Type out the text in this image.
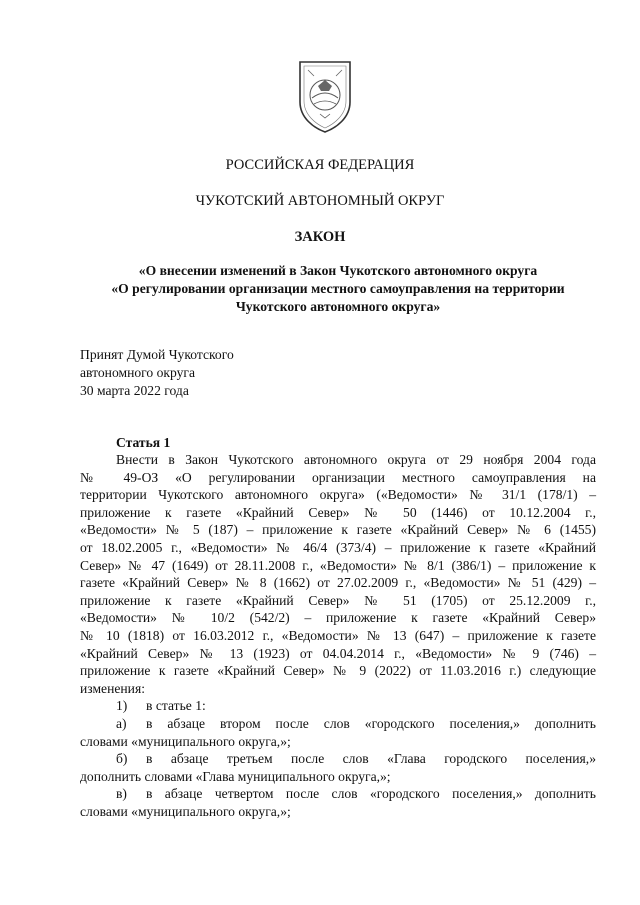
РОССИЙСКАЯ ФЕДЕРАЦИЯ
ЧУКОТСКИЙ АВТОНОМНЫЙ ОКРУГ
ЗАКОН
«О внесении изменений в Закон Чукотского автономного округа
«О регулировании организации местного самоуправления на территории
Чукотского автономного округа»
Принят Думой Чукотского
автономного округа
30 марта 2022 года
Статья 1
Внести в Закон Чукотского автономного округа от 29 ноября 2004 года
№ 49-ОЗ «О регулировании организации местного самоуправления на
территории Чукотского автономного округа» («Ведомости» № 31/1 (178/1) –
приложение к газете «Крайний Север» № 50 (1446) от 10.12.2004 г.,
«Ведомости» № 5 (187) – приложение к газете «Крайний Север» № 6 (1455)
от 18.02.2005 г., «Ведомости» № 46/4 (373/4) – приложение к газете «Крайний
Север» № 47 (1649) от 28.11.2008 г., «Ведомости» № 8/1 (386/1) – приложение к
газете «Крайний Север» № 8 (1662) от 27.02.2009 г., «Ведомости» № 51 (429) –
приложение к газете «Крайний Север» № 51 (1705) от 25.12.2009 г.,
«Ведомости» № 10/2 (542/2) – приложение к газете «Крайний Север»
№ 10 (1818) от 16.03.2012 г., «Ведомости» № 13 (647) – приложение к газете
«Крайний Север» № 13 (1923) от 04.04.2014 г., «Ведомости» № 9 (746) –
приложение к газете «Крайний Север» № 9 (2022) от 11.03.2016 г.) следующие
изменения:
1) в статье 1:
а) в абзаце втором после слов «городского поселения,» дополнить
словами «муниципального округа,»;
б) в абзаце третьем после слов «Глава городского поселения,»
дополнить словами «Глава муниципального округа,»;
в) в абзаце четвертом после слов «городского поселения,» дополнить
словами «муниципального округа,»;
